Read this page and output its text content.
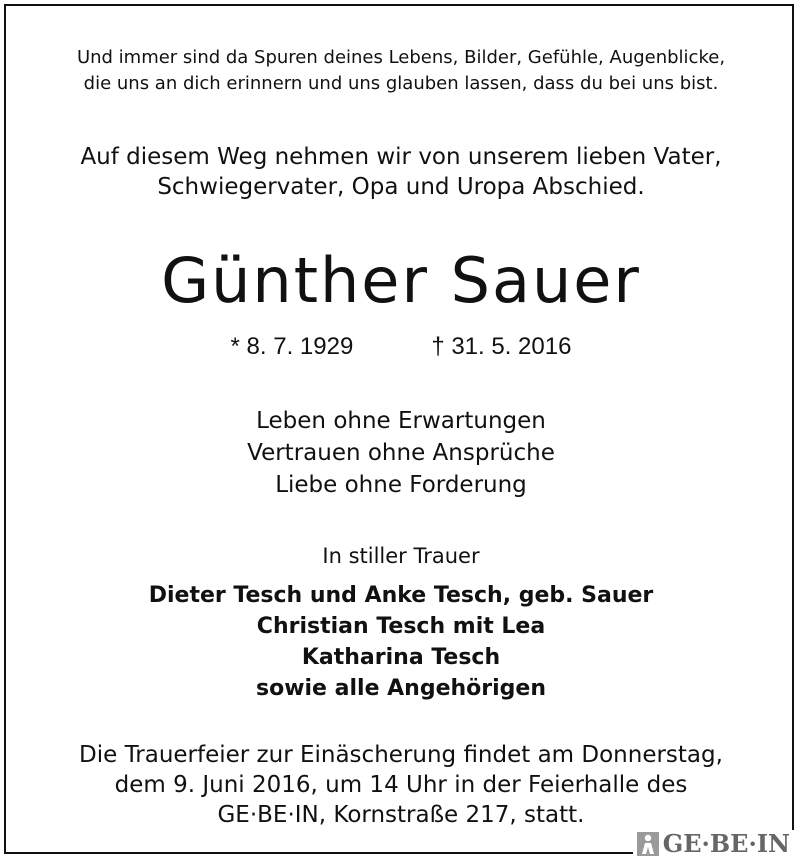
Und immer sind da Spuren deines Lebens, Bilder, Gefühle, Augenblicke,
die uns an dich erinnern und uns glauben lassen, dass du bei uns bist.
Auf diesem Weg nehmen wir von unserem lieben Vater,
Schwiegervater, Opa und Uropa Abschied.
Günther Sauer
* 8. 7. 1929	† 31. 5. 2016
Leben ohne Erwartungen
Vertrauen ohne Ansprüche
Liebe ohne Forderung
In stiller Trauer
Dieter Tesch und Anke Tesch, geb. Sauer
Christian Tesch mit Lea
Katharina Tesch
sowie alle Angehörigen
Die Trauerfeier zur Einäscherung findet am Donnerstag,
dem 9. Juni 2016, um 14 Uhr in der Feierhalle des
GE·BE·IN, Kornstraße 217, statt.
GE·BE·IN
